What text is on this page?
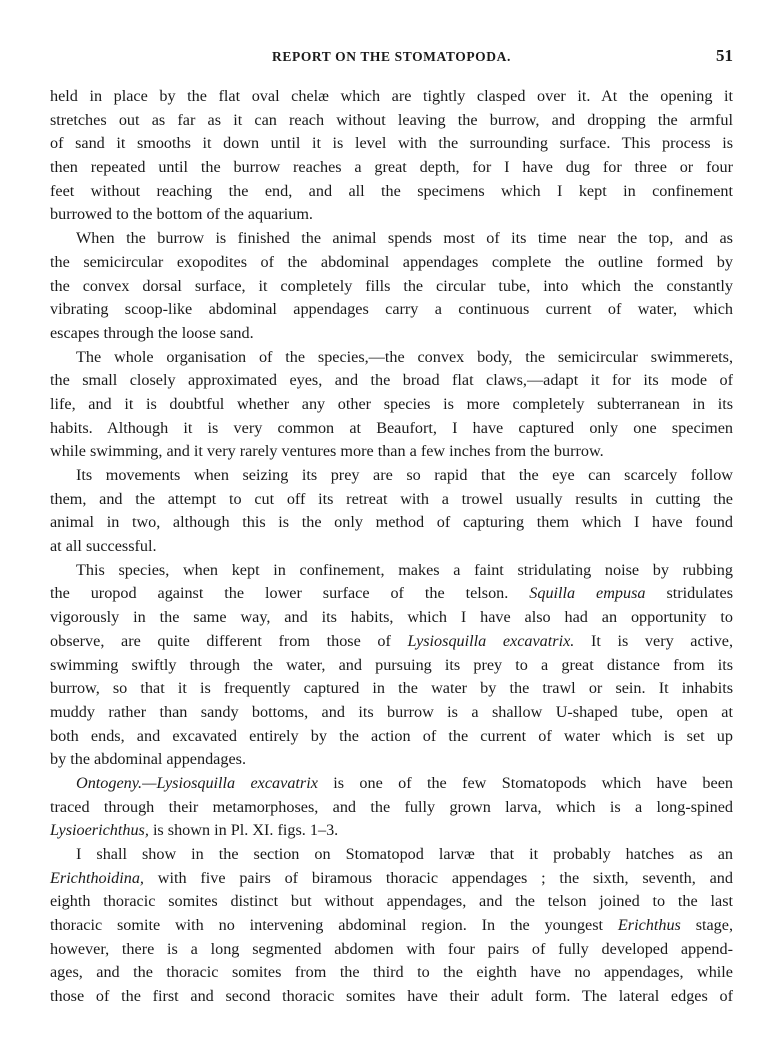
REPORT ON THE STOMATOPODA.	51
held in place by the flat oval chelæ which are tightly clasped over it. At the opening it
stretches out as far as it can reach without leaving the burrow, and dropping the armful
of sand it smooths it down until it is level with the surrounding surface. This process is
then repeated until the burrow reaches a great depth, for I have dug for three or four
feet without reaching the end, and all the specimens which I kept in confinement
burrowed to the bottom of the aquarium.
When the burrow is finished the animal spends most of its time near the top, and as
the semicircular exopodites of the abdominal appendages complete the outline formed by
the convex dorsal surface, it completely fills the circular tube, into which the constantly
vibrating scoop-like abdominal appendages carry a continuous current of water, which
escapes through the loose sand.
The whole organisation of the species,—the convex body, the semicircular swimmerets,
the small closely approximated eyes, and the broad flat claws,—adapt it for its mode of
life, and it is doubtful whether any other species is more completely subterranean in its
habits. Although it is very common at Beaufort, I have captured only one specimen
while swimming, and it very rarely ventures more than a few inches from the burrow.
Its movements when seizing its prey are so rapid that the eye can scarcely follow
them, and the attempt to cut off its retreat with a trowel usually results in cutting the
animal in two, although this is the only method of capturing them which I have found
at all successful.
This species, when kept in confinement, makes a faint stridulating noise by rubbing
the uropod against the lower surface of the telson. Squilla empusa stridulates
vigorously in the same way, and its habits, which I have also had an opportunity to
observe, are quite different from those of Lysiosquilla excavatrix. It is very active,
swimming swiftly through the water, and pursuing its prey to a great distance from its
burrow, so that it is frequently captured in the water by the trawl or sein. It inhabits
muddy rather than sandy bottoms, and its burrow is a shallow U-shaped tube, open at
both ends, and excavated entirely by the action of the current of water which is set up
by the abdominal appendages.
Ontogeny.—Lysiosquilla excavatrix is one of the few Stomatopods which have been
traced through their metamorphoses, and the fully grown larva, which is a long-spined
Lysioerichthus, is shown in Pl. XI. figs. 1–3.
I shall show in the section on Stomatopod larvæ that it probably hatches as an
Erichthoidina, with five pairs of biramous thoracic appendages ; the sixth, seventh, and
eighth thoracic somites distinct but without appendages, and the telson joined to the last
thoracic somite with no intervening abdominal region. In the youngest Erichthus stage,
however, there is a long segmented abdomen with four pairs of fully developed append-
ages, and the thoracic somites from the third to the eighth have no appendages, while
those of the first and second thoracic somites have their adult form. The lateral edges of
